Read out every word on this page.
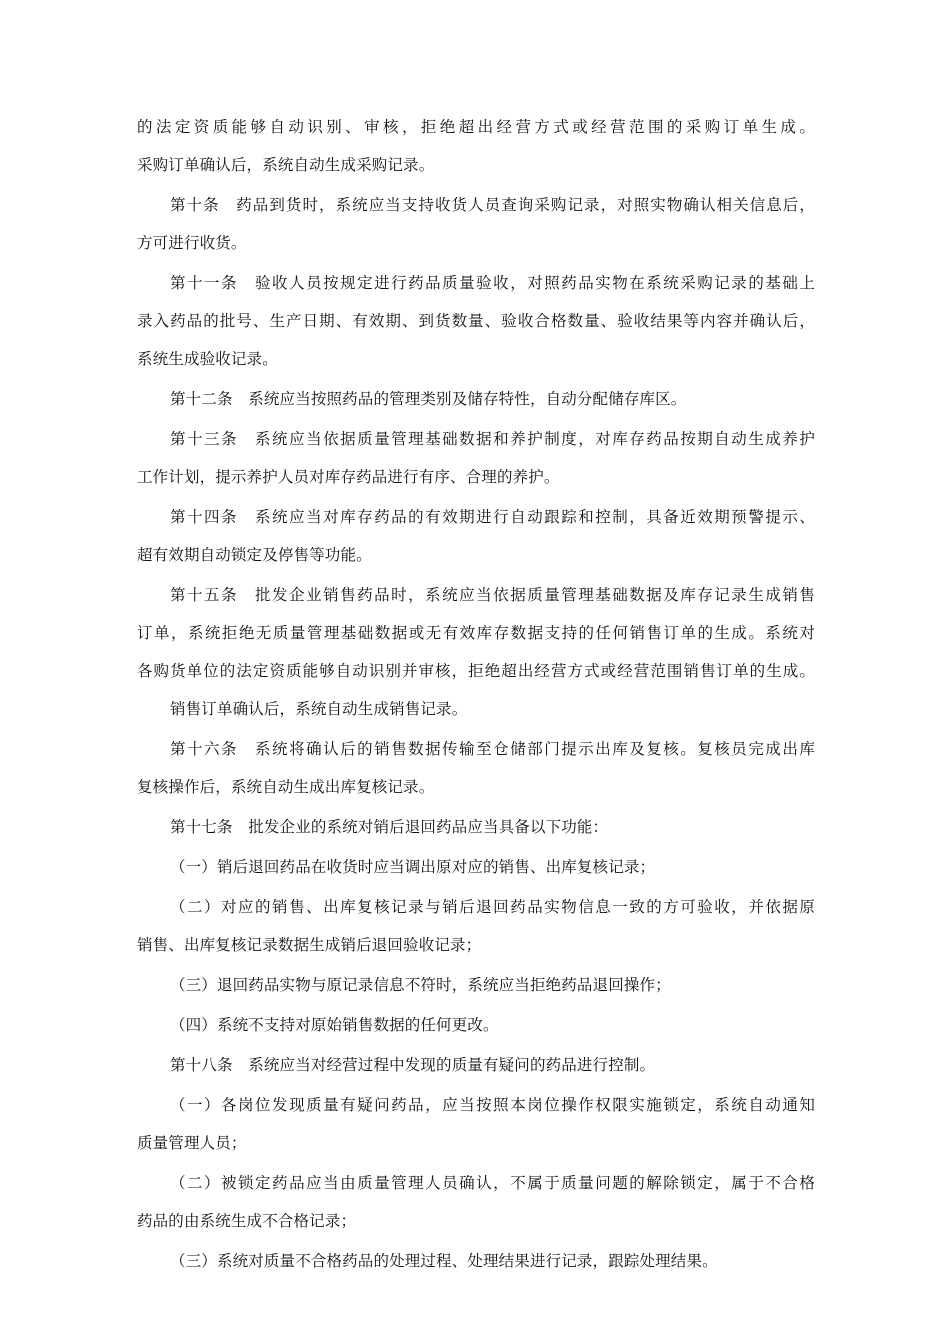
的法定资质能够自动识别、审核，拒绝超出经营方式或经营范围的采购订单生成。
采购订单确认后，系统自动生成采购记录。
第十条　药品到货时，系统应当支持收货人员查询采购记录，对照实物确认相关信息后，
方可进行收货。
第十一条　验收人员按规定进行药品质量验收，对照药品实物在系统采购记录的基础上
录入药品的批号、生产日期、有效期、到货数量、验收合格数量、验收结果等内容并确认后，
系统生成验收记录。
第十二条　系统应当按照药品的管理类别及储存特性，自动分配储存库区。
第十三条　系统应当依据质量管理基础数据和养护制度，对库存药品按期自动生成养护
工作计划，提示养护人员对库存药品进行有序、合理的养护。
第十四条　系统应当对库存药品的有效期进行自动跟踪和控制，具备近效期预警提示、
超有效期自动锁定及停售等功能。
第十五条　批发企业销售药品时，系统应当依据质量管理基础数据及库存记录生成销售
订单，系统拒绝无质量管理基础数据或无有效库存数据支持的任何销售订单的生成。系统对
各购货单位的法定资质能够自动识别并审核，拒绝超出经营方式或经营范围销售订单的生成。
销售订单确认后，系统自动生成销售记录。
第十六条　系统将确认后的销售数据传输至仓储部门提示出库及复核。复核员完成出库
复核操作后，系统自动生成出库复核记录。
第十七条　批发企业的系统对销后退回药品应当具备以下功能：
（一）销后退回药品在收货时应当调出原对应的销售、出库复核记录；
（二）对应的销售、出库复核记录与销后退回药品实物信息一致的方可验收，并依据原
销售、出库复核记录数据生成销后退回验收记录；
（三）退回药品实物与原记录信息不符时，系统应当拒绝药品退回操作；
（四）系统不支持对原始销售数据的任何更改。
第十八条　系统应当对经营过程中发现的质量有疑问的药品进行控制。
（一）各岗位发现质量有疑问药品，应当按照本岗位操作权限实施锁定，系统自动通知
质量管理人员；
（二）被锁定药品应当由质量管理人员确认，不属于质量问题的解除锁定，属于不合格
药品的由系统生成不合格记录；
（三）系统对质量不合格药品的处理过程、处理结果进行记录，跟踪处理结果。
